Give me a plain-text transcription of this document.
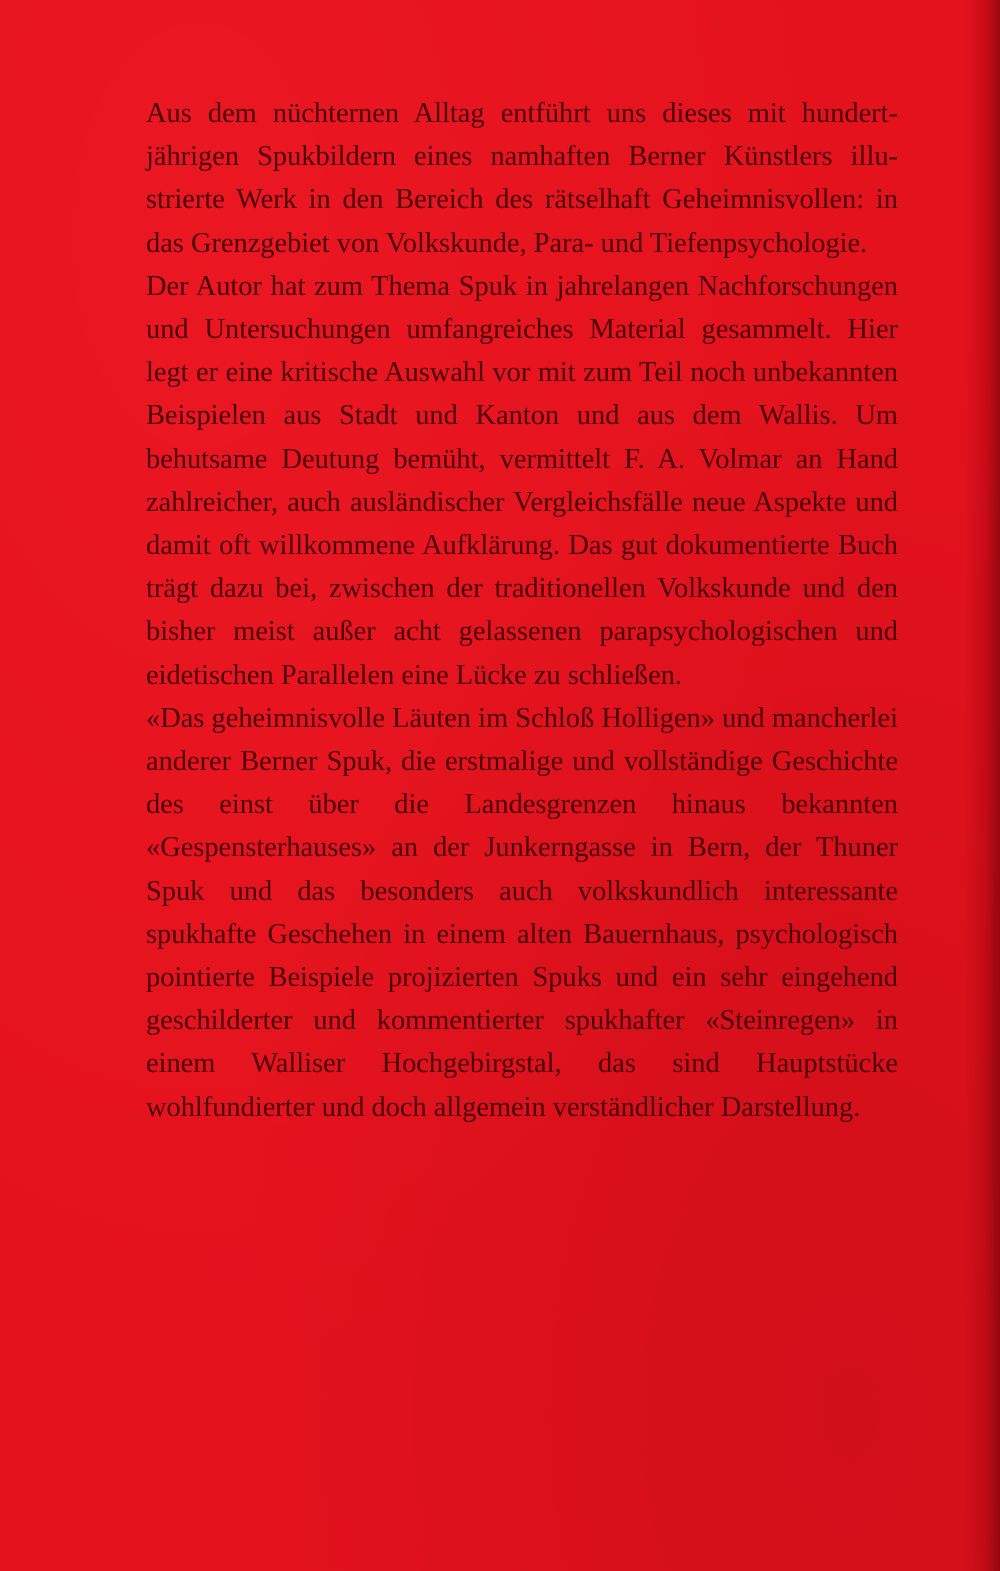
Aus dem nüchternen Alltag entführt uns dieses mit hundertjährigen Spukbildern eines namhaften Berner Künstlers illustrierte Werk in den Bereich des rätselhaft Geheimnisvollen: in das Grenzgebiet von Volkskunde, Para- und Tiefenpsychologie.

Der Autor hat zum Thema Spuk in jahrelangen Nachforschungen und Untersuchungen umfangreiches Material gesammelt. Hier legt er eine kritische Auswahl vor mit zum Teil noch unbekannten Beispielen aus Stadt und Kanton und aus dem Wallis. Um behutsame Deutung bemüht, vermittelt F. A. Volmar an Hand zahlreicher, auch ausländischer Vergleichsfälle neue Aspekte und damit oft willkommene Aufklärung. Das gut dokumentierte Buch trägt dazu bei, zwischen der traditionellen Volkskunde und den bisher meist außer acht gelassenen parapsychologischen und eidetischen Parallelen eine Lücke zu schließen.

«Das geheimnisvolle Läuten im Schloß Holligen» und mancherlei anderer Berner Spuk, die erstmalige und vollständige Geschichte des einst über die Landesgrenzen hinaus bekannten «Gespensterhauses» an der Junkerngasse in Bern, der Thuner Spuk und das besonders auch volkskundlich interessante spukhafte Geschehen in einem alten Bauernhaus, psychologisch pointierte Beispiele projizierten Spuks und ein sehr eingehend geschilderter und kommentierter spukhafter «Steinregen» in einem Walliser Hochgebirgstal, das sind Hauptstücke wohlfundierter und doch allgemein verständlicher Darstellung.
